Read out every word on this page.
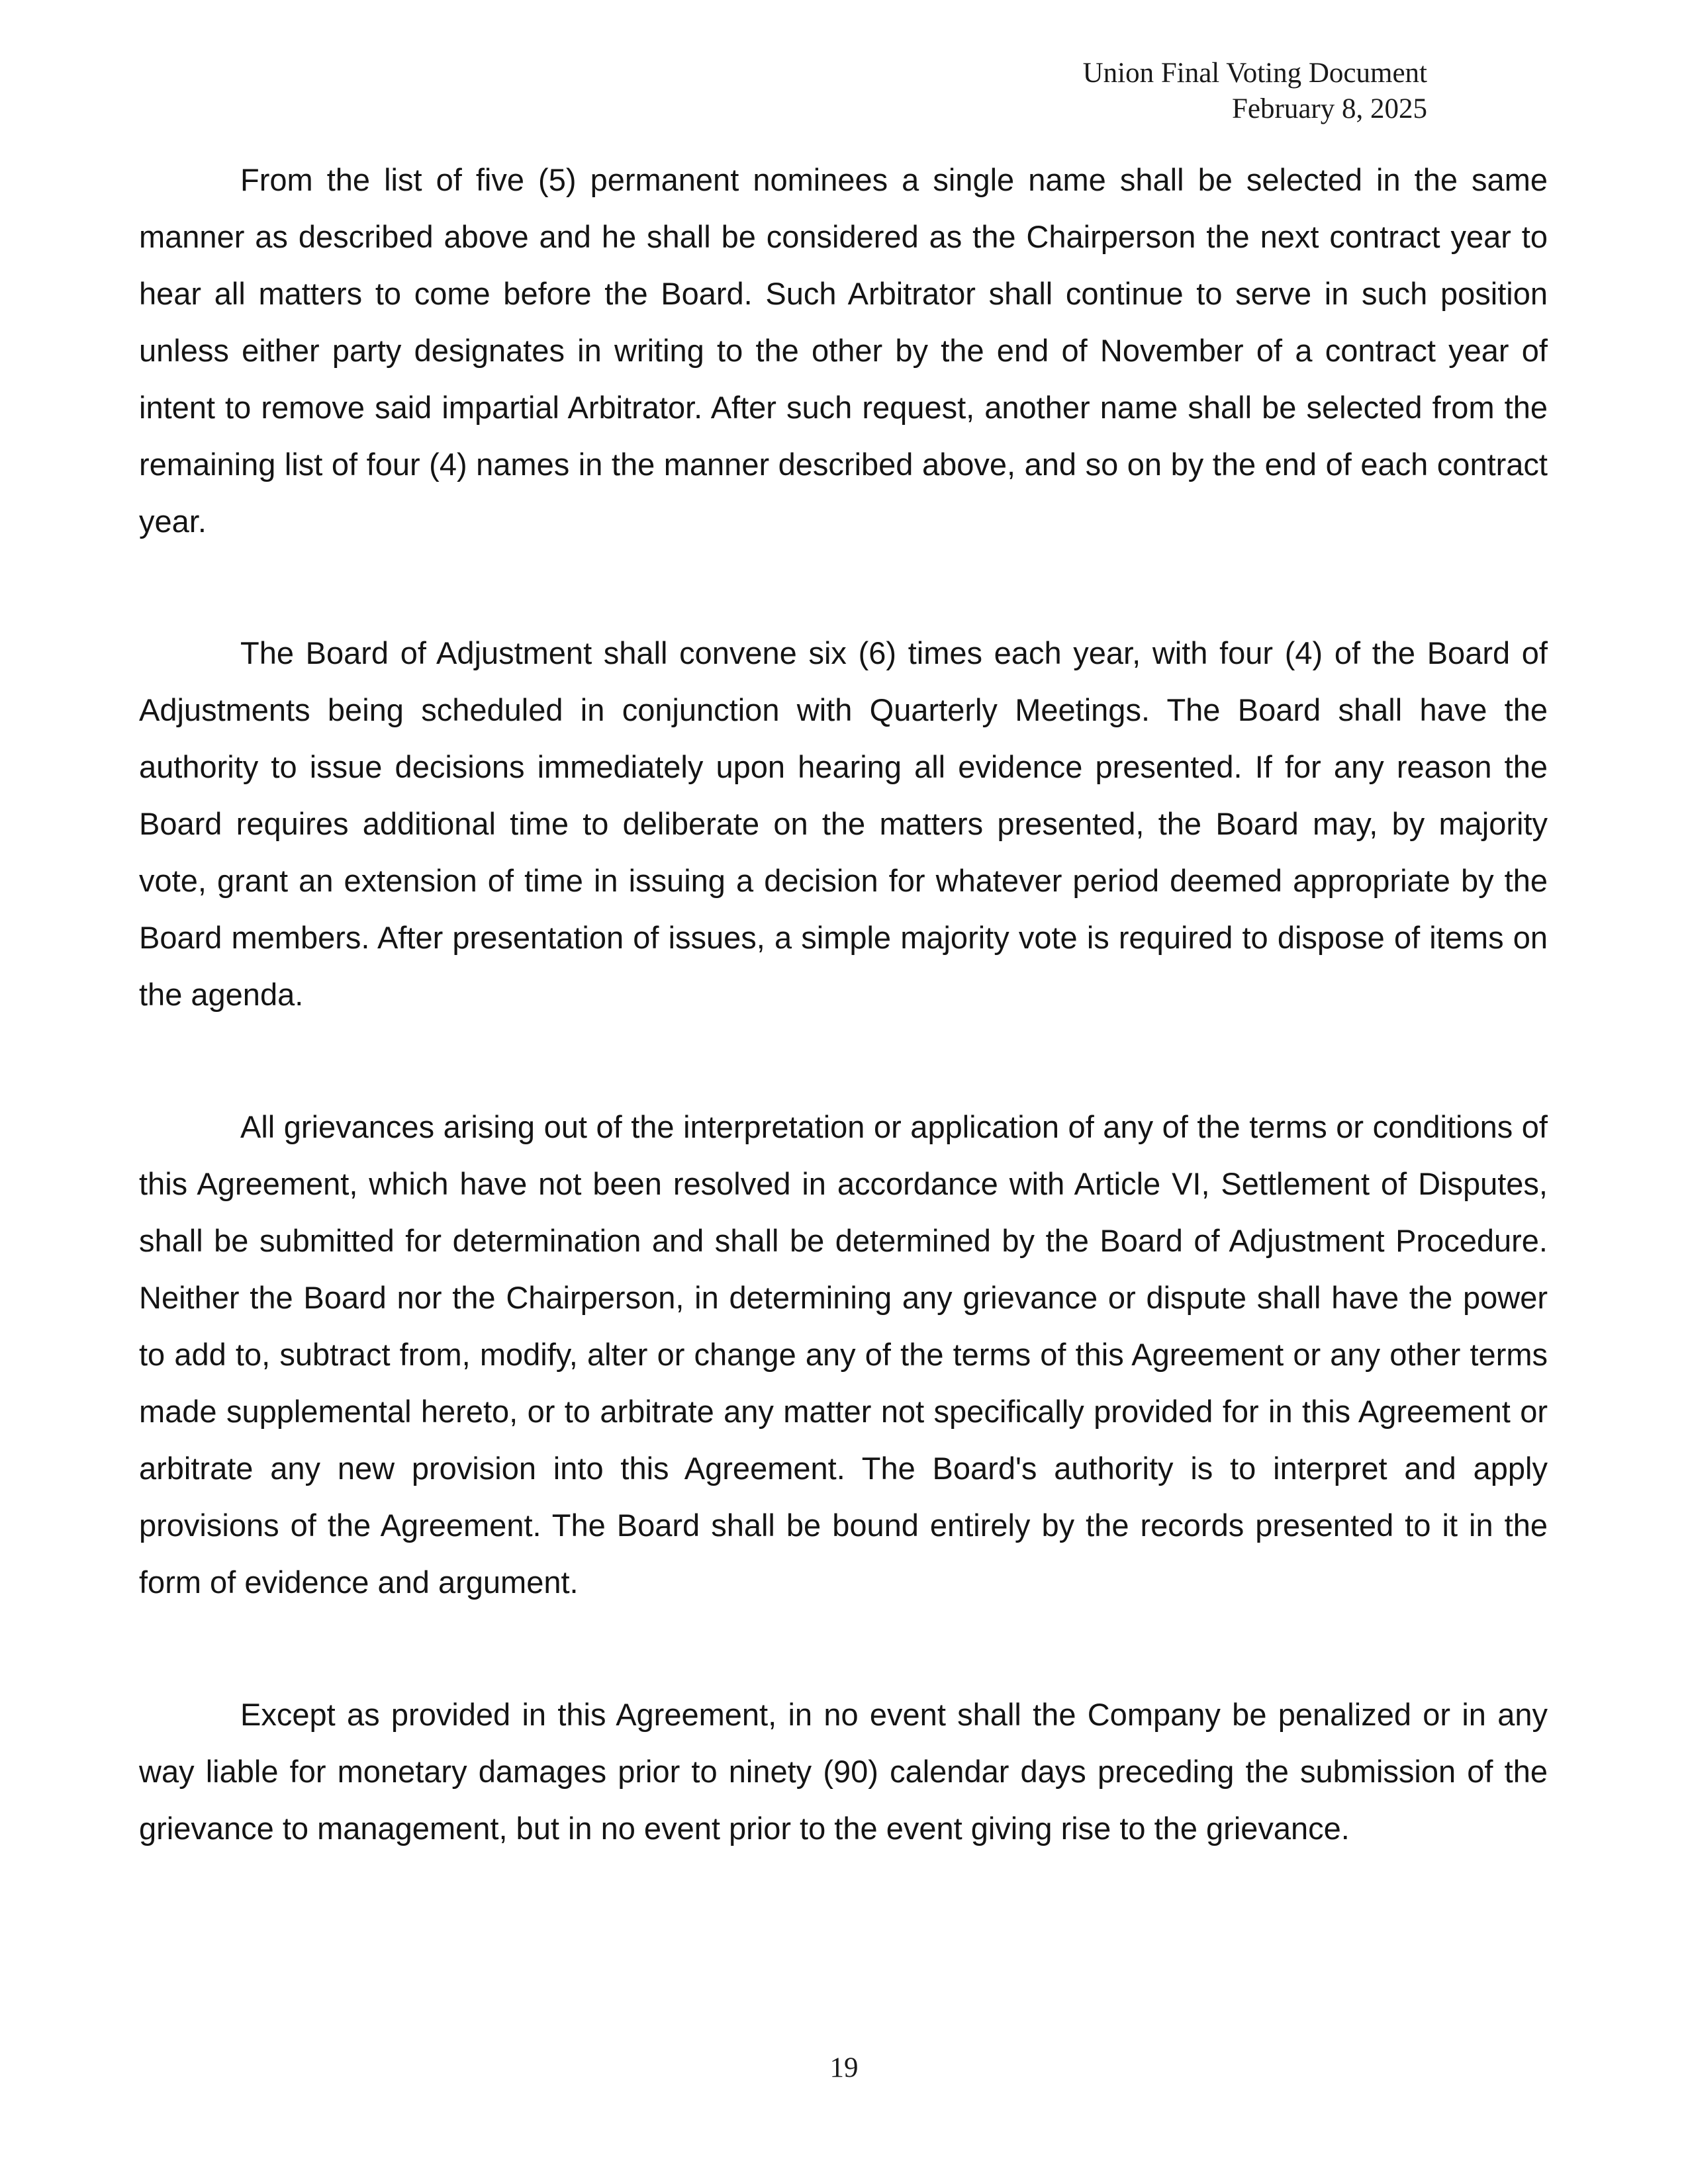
Union Final Voting Document
February 8, 2025

From the list of five (5) permanent nominees a single name shall be selected in the same manner as described above and he shall be considered as the Chairperson the next contract year to hear all matters to come before the Board. Such Arbitrator shall continue to serve in such position unless either party designates in writing to the other by the end of November of a contract year of intent to remove said impartial Arbitrator. After such request, another name shall be selected from the remaining list of four (4) names in the manner described above, and so on by the end of each contract year.

The Board of Adjustment shall convene six (6) times each year, with four (4) of the Board of Adjustments being scheduled in conjunction with Quarterly Meetings. The Board shall have the authority to issue decisions immediately upon hearing all evidence presented. If for any reason the Board requires additional time to deliberate on the matters presented, the Board may, by majority vote, grant an extension of time in issuing a decision for whatever period deemed appropriate by the Board members. After presentation of issues, a simple majority vote is required to dispose of items on the agenda.

All grievances arising out of the interpretation or application of any of the terms or conditions of this Agreement, which have not been resolved in accordance with Article VI, Settlement of Disputes, shall be submitted for determination and shall be determined by the Board of Adjustment Procedure. Neither the Board nor the Chairperson, in determining any grievance or dispute shall have the power to add to, subtract from, modify, alter or change any of the terms of this Agreement or any other terms made supplemental hereto, or to arbitrate any matter not specifically provided for in this Agreement or arbitrate any new provision into this Agreement. The Board's authority is to interpret and apply provisions of the Agreement. The Board shall be bound entirely by the records presented to it in the form of evidence and argument.

Except as provided in this Agreement, in no event shall the Company be penalized or in any way liable for monetary damages prior to ninety (90) calendar days preceding the submission of the grievance to management, but in no event prior to the event giving rise to the grievance.

19
